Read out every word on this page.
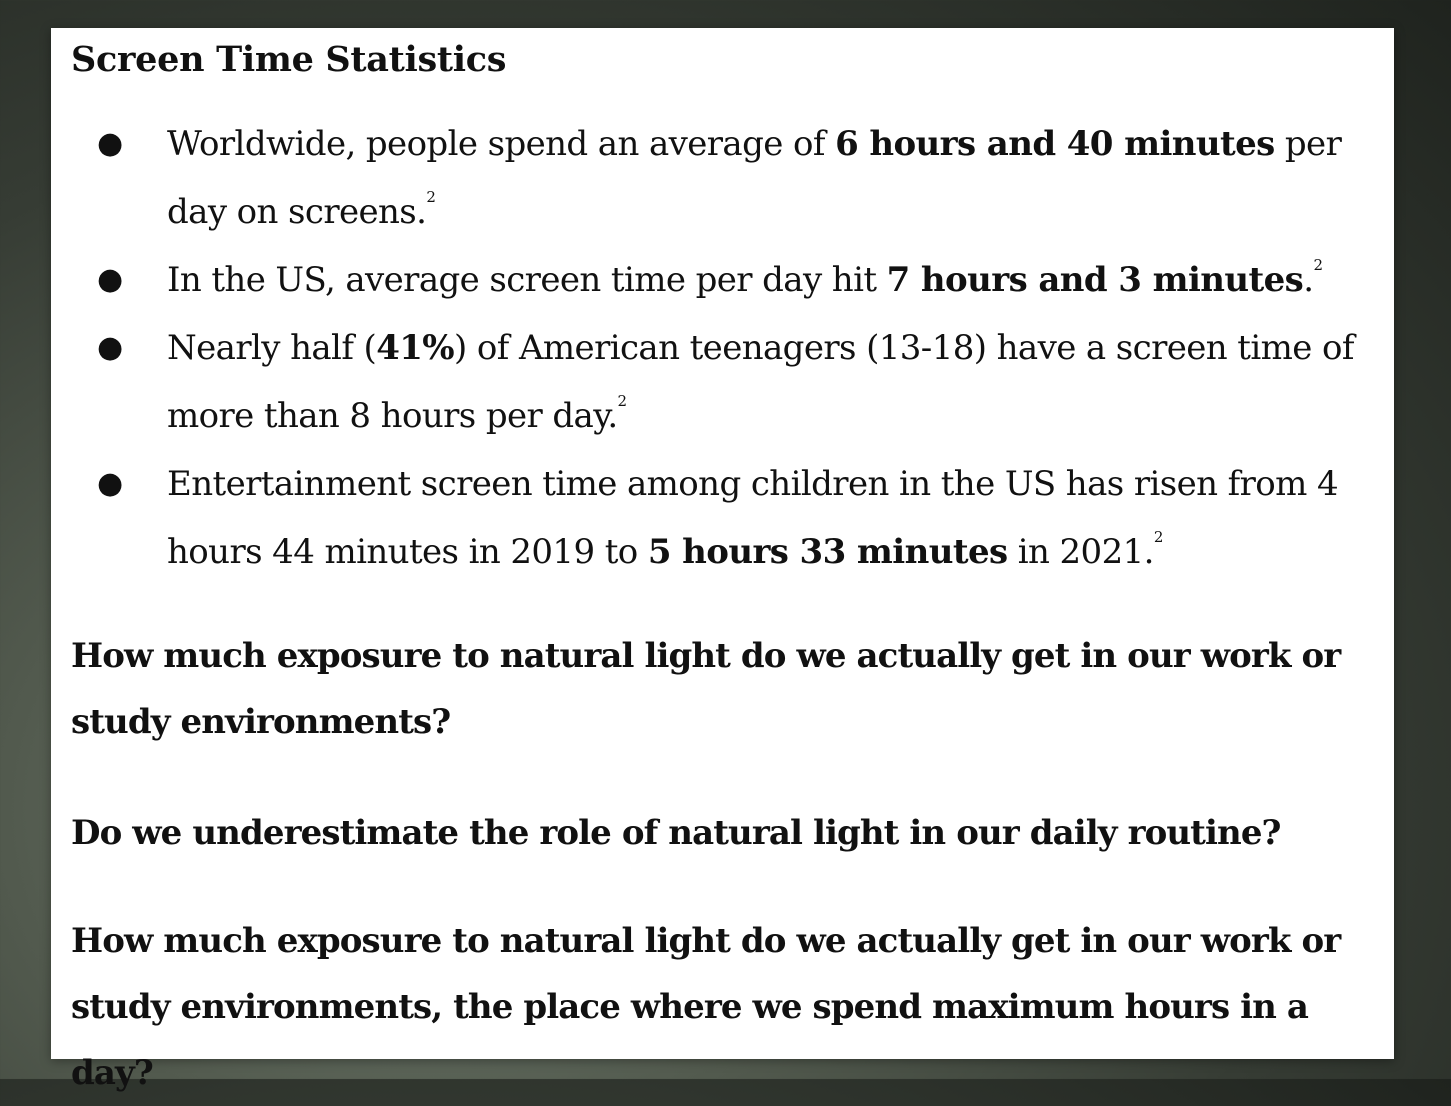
Screen Time Statistics
● Worldwide, people spend an average of 6 hours and 40 minutes per day on screens.$^2$
● In the US, average screen time per day hit 7 hours and 3 minutes.$^2$
● Nearly half (41%) of American teenagers (13-18) have a screen time of more than 8 hours per day.$^2$
● Entertainment screen time among children in the US has risen from 4 hours 44 minutes in 2019 to 5 hours 33 minutes in 2021.$^2$

How much exposure to natural light do we actually get in our work or study environments?

Do we underestimate the role of natural light in our daily routine?

How much exposure to natural light do we actually get in our work or study environments, the place where we spend maximum hours in a day?
